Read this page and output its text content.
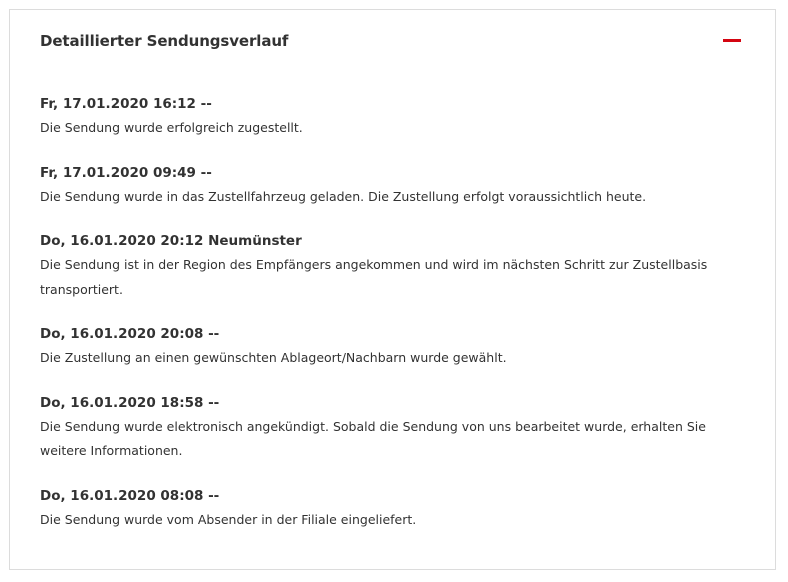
Detaillierter Sendungsverlauf
Fr, 17.01.2020 16:12 --
Die Sendung wurde erfolgreich zugestellt.
Fr, 17.01.2020 09:49 --
Die Sendung wurde in das Zustellfahrzeug geladen. Die Zustellung erfolgt voraussichtlich heute.
Do, 16.01.2020 20:12 Neumünster
Die Sendung ist in der Region des Empfängers angekommen und wird im nächsten Schritt zur Zustellbasis transportiert.
Do, 16.01.2020 20:08 --
Die Zustellung an einen gewünschten Ablageort/Nachbarn wurde gewählt.
Do, 16.01.2020 18:58 --
Die Sendung wurde elektronisch angekündigt. Sobald die Sendung von uns bearbeitet wurde, erhalten Sie weitere Informationen.
Do, 16.01.2020 08:08 --
Die Sendung wurde vom Absender in der Filiale eingeliefert.
